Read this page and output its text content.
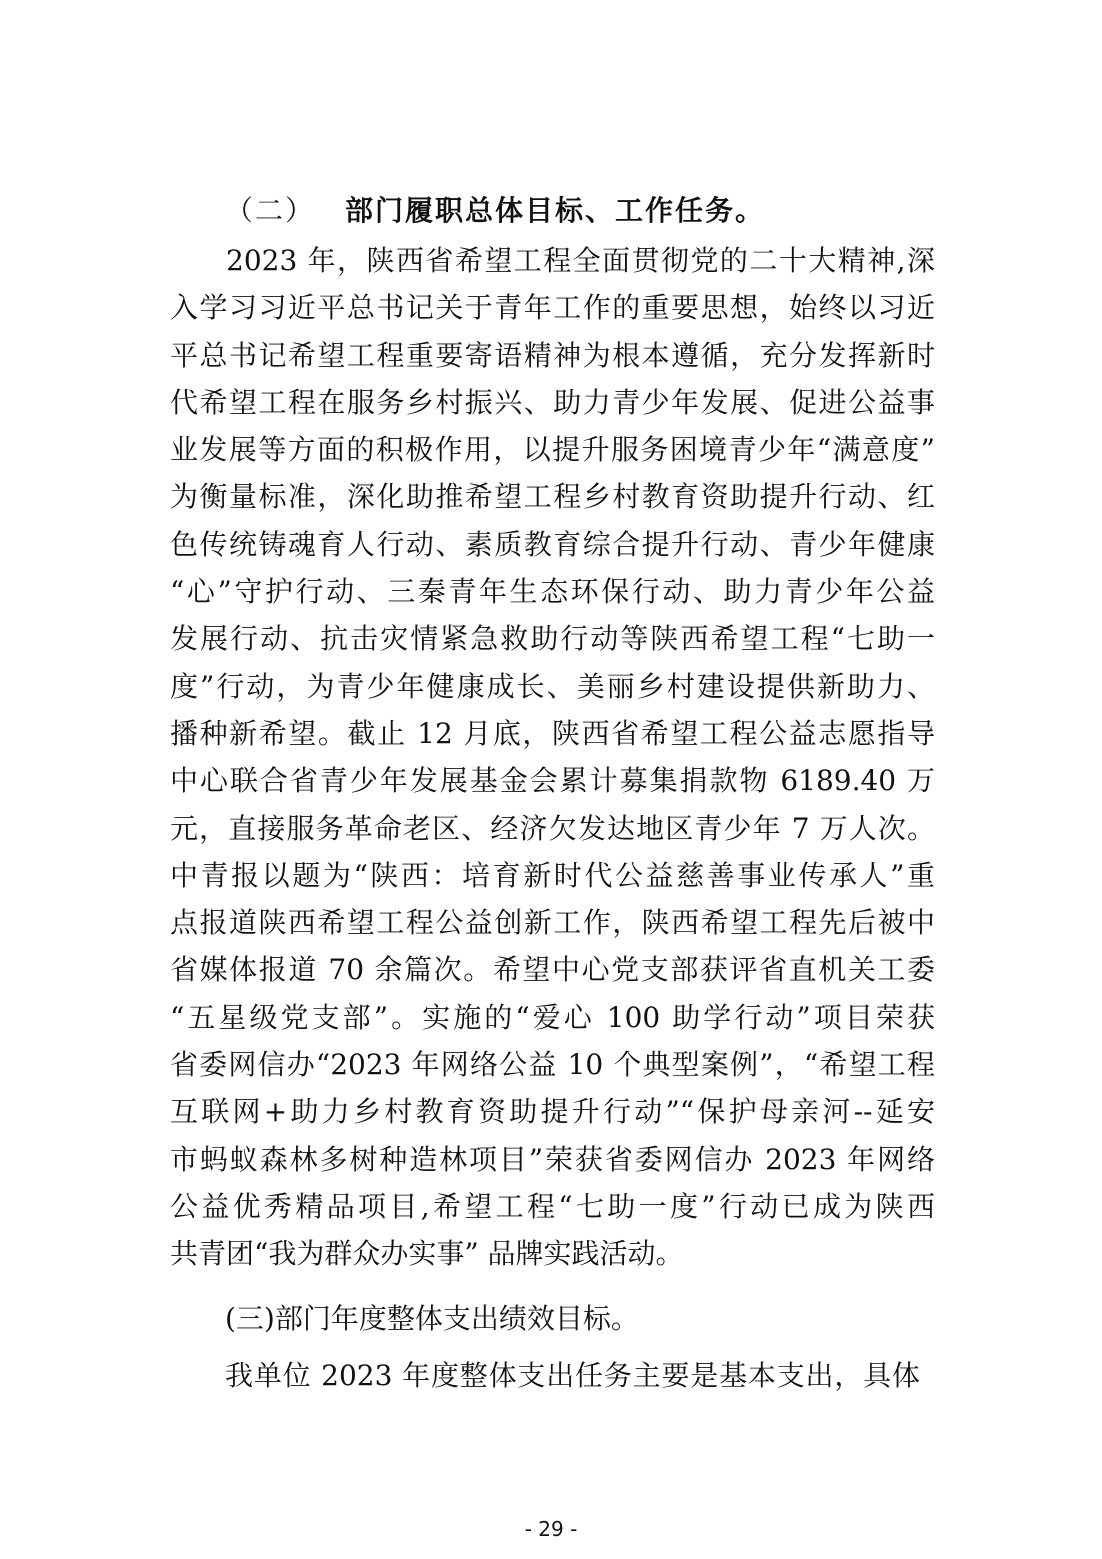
（二） 部门履职总体目标、工作任务。
2023 年，陕西省希望工程全面贯彻党的二十大精神,深
入学习习近平总书记关于青年工作的重要思想，始终以习近
平总书记希望工程重要寄语精神为根本遵循，充分发挥新时
代希望工程在服务乡村振兴、助力青少年发展、促进公益事
业发展等方面的积极作用，以提升服务困境青少年“满意度”
为衡量标准，深化助推希望工程乡村教育资助提升行动、红
色传统铸魂育人行动、素质教育综合提升行动、青少年健康
“心”守护行动、三秦青年生态环保行动、助力青少年公益
发展行动、抗击灾情紧急救助行动等陕西希望工程“七助一
度”行动，为青少年健康成长、美丽乡村建设提供新助力、
播种新希望。截止 12 月底，陕西省希望工程公益志愿指导
中心联合省青少年发展基金会累计募集捐款物 6189.40 万
元，直接服务革命老区、经济欠发达地区青少年 7 万人次。
中青报以题为“陕西：培育新时代公益慈善事业传承人”重
点报道陕西希望工程公益创新工作，陕西希望工程先后被中
省媒体报道 70 余篇次。希望中心党支部获评省直机关工委
“五星级党支部”。实施的“爱心 100 助学行动”项目荣获
省委网信办“2023 年网络公益 10 个典型案例”，“希望工程
互联网+助力乡村教育资助提升行动”“保护母亲河--延安
市蚂蚁森林多树种造林项目”荣获省委网信办 2023 年网络
公益优秀精品项目,希望工程“七助一度”行动已成为陕西
共青团“我为群众办实事” 品牌实践活动。
(三)部门年度整体支出绩效目标。
我单位 2023 年度整体支出任务主要是基本支出，具体
- 29 -
